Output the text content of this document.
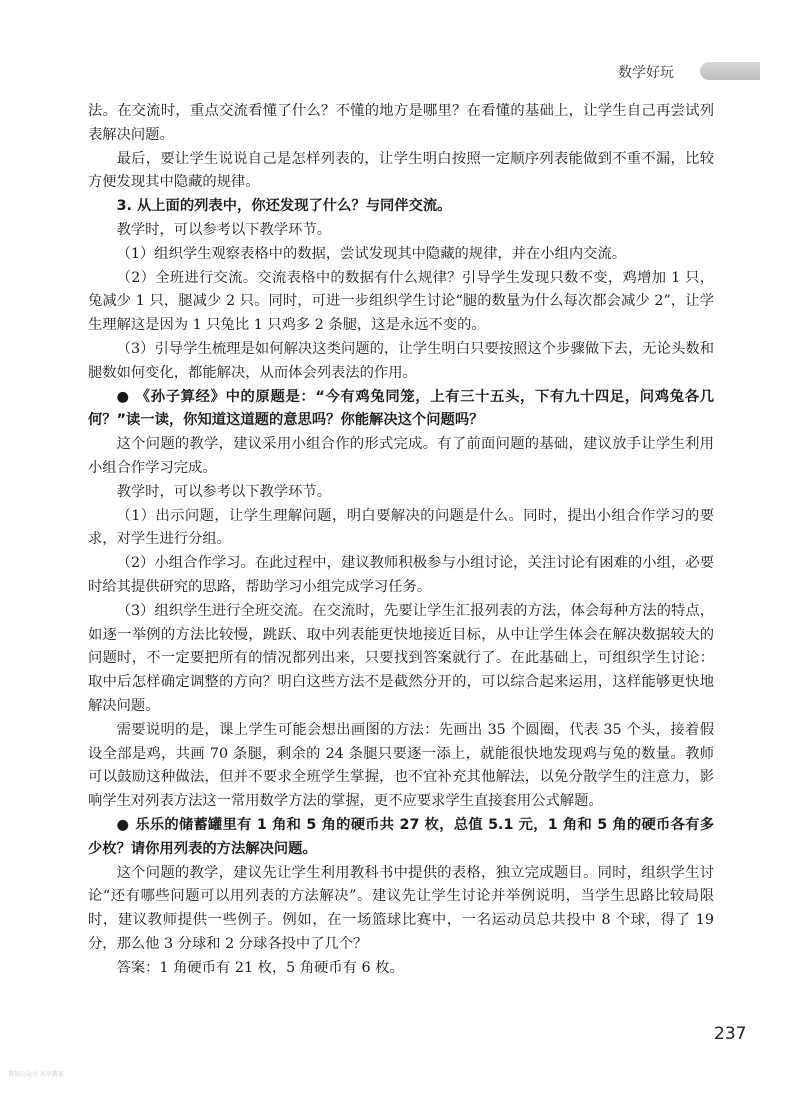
数学好玩

法。在交流时，重点交流看懂了什么？不懂的地方是哪里？在看懂的基础上，让学生自己再尝试列表解决问题。

最后，要让学生说说自己是怎样列表的，让学生明白按照一定顺序列表能做到不重不漏，比较方便发现其中隐藏的规律。

3. 从上面的列表中，你还发现了什么？与同伴交流。

教学时，可以参考以下教学环节。

（1）组织学生观察表格中的数据，尝试发现其中隐藏的规律，并在小组内交流。

（2）全班进行交流。交流表格中的数据有什么规律？引导学生发现只数不变，鸡增加 1 只，兔减少 1 只，腿减少 2 只。同时，可进一步组织学生讨论“腿的数量为什么每次都会减少 2”，让学生理解这是因为 1 只兔比 1 只鸡多 2 条腿，这是永远不变的。

（3）引导学生梳理是如何解决这类问题的，让学生明白只要按照这个步骤做下去，无论头数和腿数如何变化，都能解决，从而体会列表法的作用。

● 《孙子算经》中的原题是：“今有鸡兔同笼，上有三十五头，下有九十四足，问鸡兔各几何？”读一读，你知道这道题的意思吗？你能解决这个问题吗？

这个问题的教学，建议采用小组合作的形式完成。有了前面问题的基础，建议放手让学生利用小组合作学习完成。

教学时，可以参考以下教学环节。

（1）出示问题，让学生理解问题，明白要解决的问题是什么。同时，提出小组合作学习的要求，对学生进行分组。

（2）小组合作学习。在此过程中，建议教师积极参与小组讨论，关注讨论有困难的小组，必要时给其提供研究的思路，帮助学习小组完成学习任务。

（3）组织学生进行全班交流。在交流时，先要让学生汇报列表的方法，体会每种方法的特点，如逐一举例的方法比较慢，跳跃、取中列表能更快地接近目标，从中让学生体会在解决数据较大的问题时，不一定要把所有的情况都列出来，只要找到答案就行了。在此基础上，可组织学生讨论：取中后怎样确定调整的方向？明白这些方法不是截然分开的，可以综合起来运用，这样能够更快地解决问题。

需要说明的是，课上学生可能会想出画图的方法：先画出 35 个圆圈，代表 35 个头，接着假设全部是鸡，共画 70 条腿，剩余的 24 条腿只要逐一添上，就能很快地发现鸡与兔的数量。教师可以鼓励这种做法，但并不要求全班学生掌握，也不宜补充其他解法，以免分散学生的注意力，影响学生对列表方法这一常用数学方法的掌握，更不应要求学生直接套用公式解题。

● 乐乐的储蓄罐里有 1 角和 5 角的硬币共 27 枚，总值 5.1 元，1 角和 5 角的硬币各有多少枚？请你用列表的方法解决问题。

这个问题的教学，建议先让学生利用教科书中提供的表格，独立完成题目。同时，组织学生讨论“还有哪些问题可以用列表的方法解决”。建议先让学生讨论并举例说明，当学生思路比较局限时，建议教师提供一些例子。例如，在一场篮球比赛中，一名运动员总共投中 8 个球，得了 19 分，那么他 3 分球和 2 分球各投中了几个？

答案：1 角硬币有 21 枚，5 角硬币有 6 枚。

237
微信公众号 共享教案
